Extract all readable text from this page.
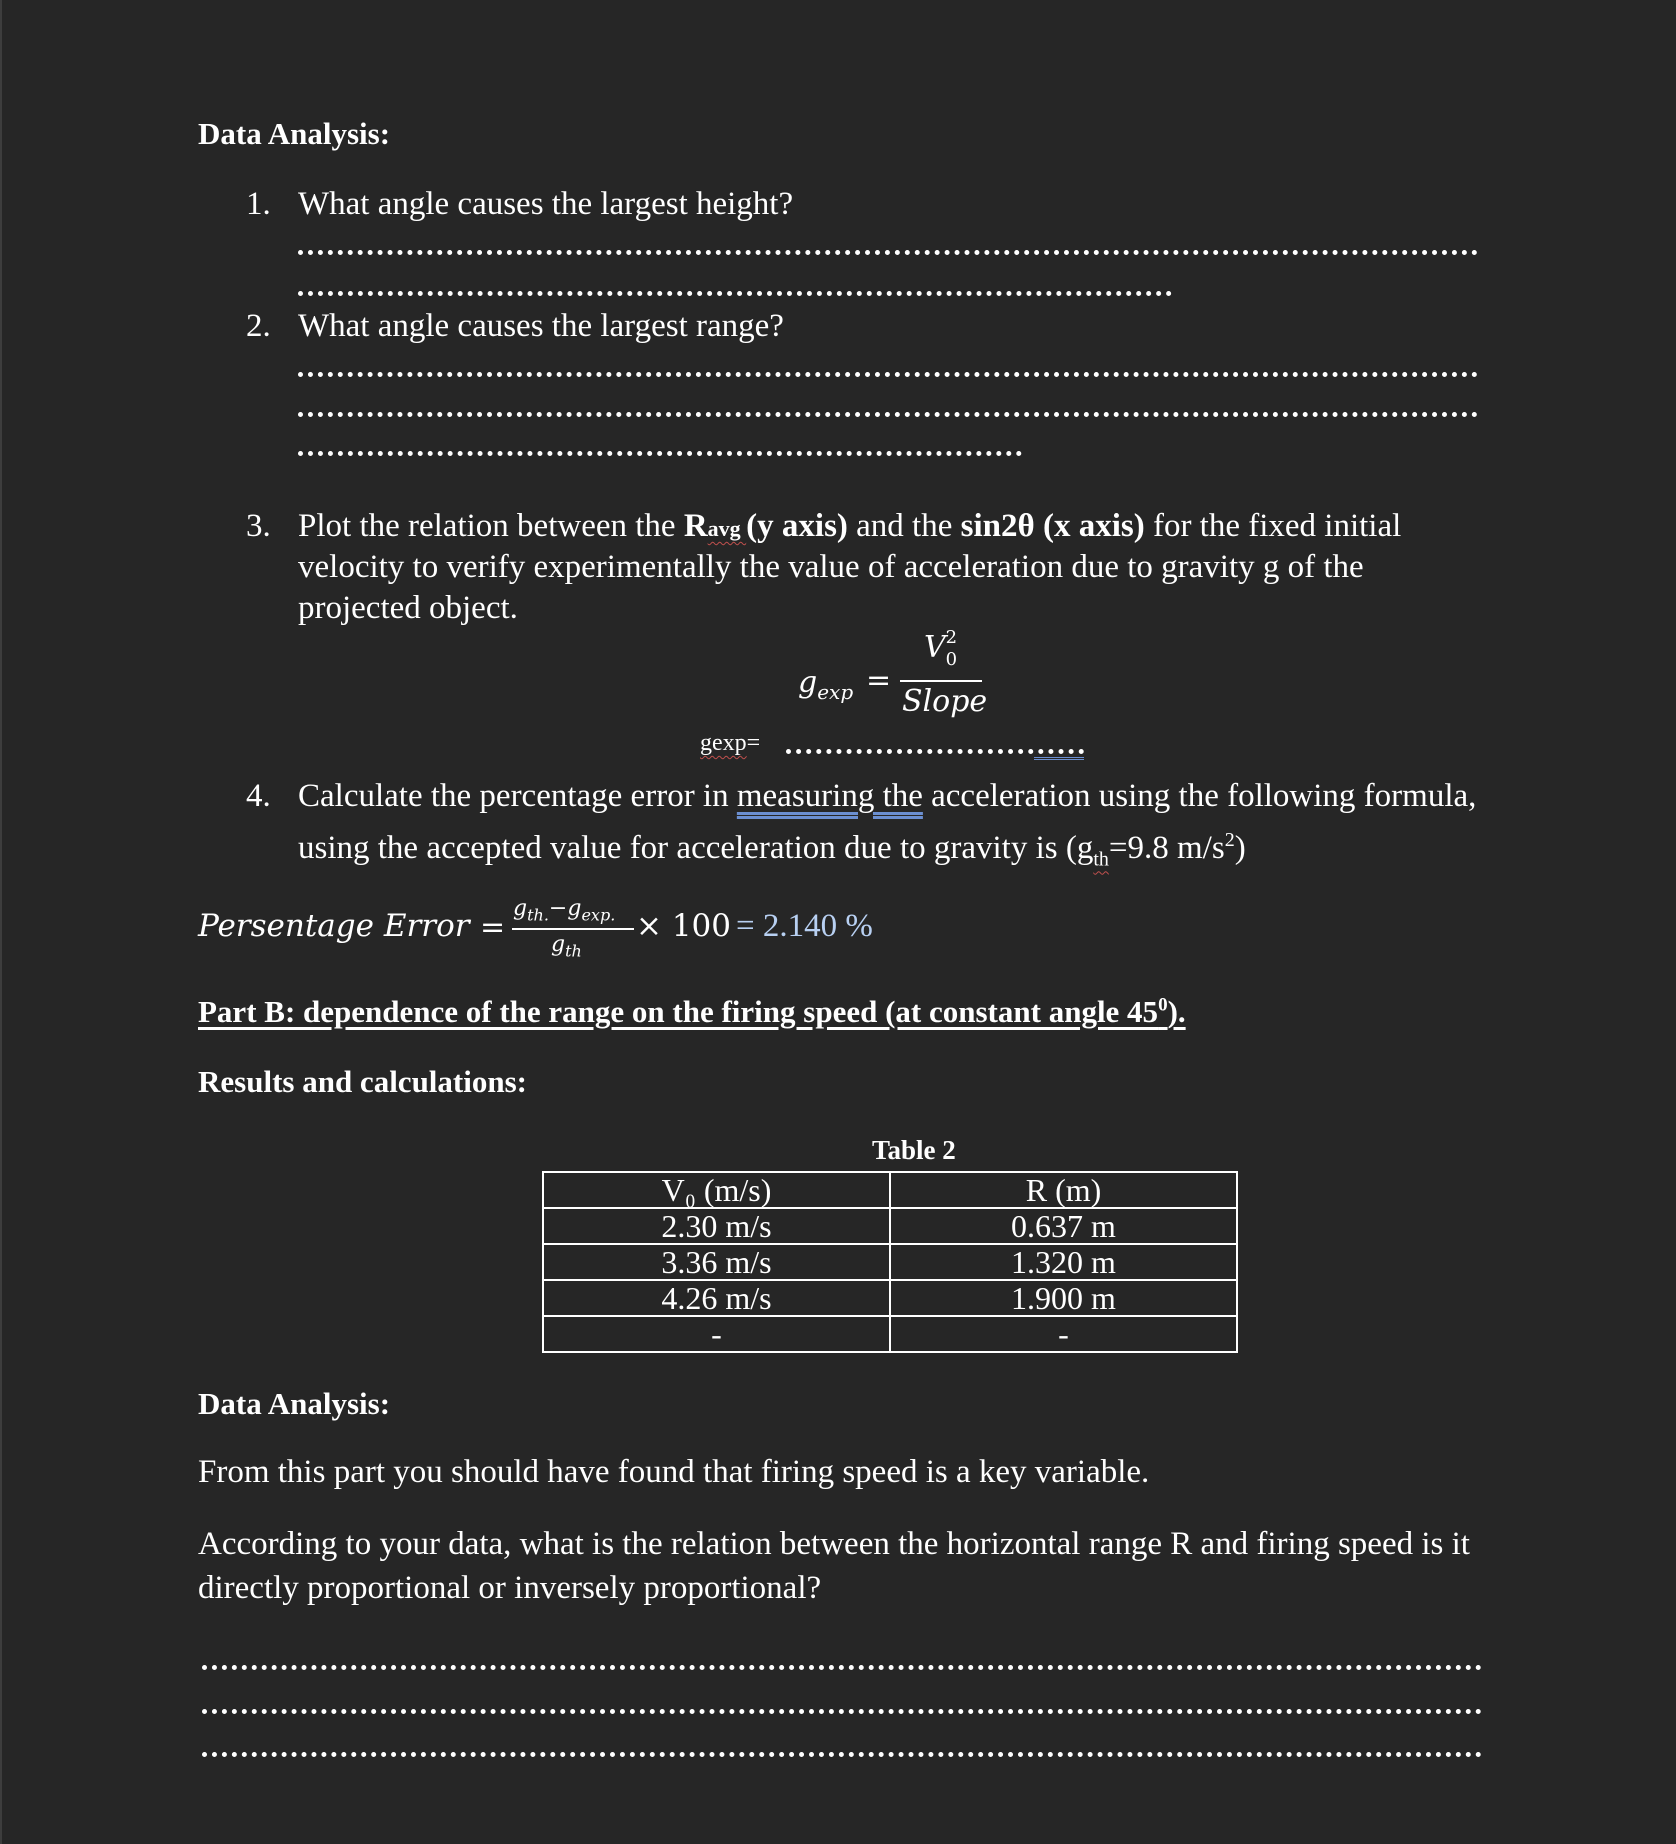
Data Analysis:
1. What angle causes the largest height?
2. What angle causes the largest range?
3. Plot the relation between the Ravg (y axis) and the sin2θ (x axis) for the fixed initial
velocity to verify experimentally the value of acceleration due to gravity g of the
projected object.
$g_{exp}$ =
V 2
0
Slope
gexp=
4. Calculate the percentage error in measuring the acceleration using the following formula,
using the accepted value for acceleration due to gravity is ($g_{th}=9.8$ $m/s^2$)
Persentage Error =
$g_{th.}-g_{exp.}$
$g_{th}$
× 100 = 2.140 %
Part B: dependence of the range on the firing speed (at constant angle $45^0$).
Results and calculations:
Table 2
V₀ (m/s)	R (m)
2.30 m/s	0.637 m
3.36 m/s	1.320 m
4.26 m/s	1.900 m
-	-
Data Analysis:
From this part you should have found that firing speed is a key variable.
According to your data, what is the relation between the horizontal range R and firing speed is it
directly proportional or inversely proportional?
